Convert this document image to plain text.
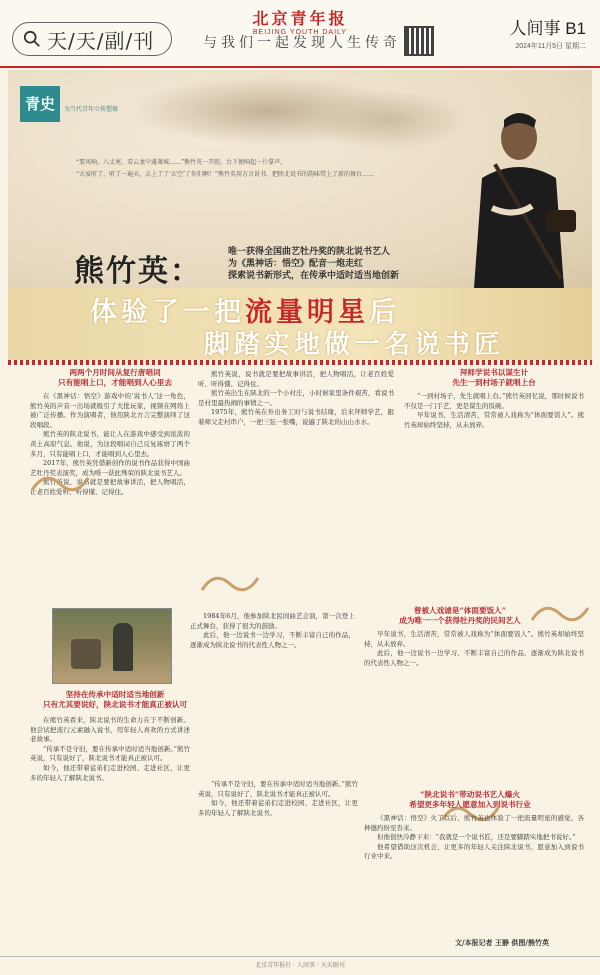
天/天/副/刊
北京青年报
BEIJING YOUTH DAILY
与我们一起发现人生传奇
人间事 B1
2024年11月5日 星期二
青史	为当代青年立传塑像

“要风响、八丈寒，看云龙中蓬莱城……”熊竹英一开腔，台下便响起一片掌声。

“大家听了，听了一遍天，去上了了‘玄空’了你们啊！”熊竹英用方言说书，把陕北说书的韵味带上了新的舞台……

熊竹英：
唯一获得全国曲艺牡丹奖的陕北说书艺人
为《黑神话：悟空》配音一炮走红
探索说书新形式，在传承中适时适当地创新
体验了一把流量明星后
脚踏实地做一名说书匠
两两个月时间从复行唐唱词
只有能唱上口，才能唱到人心里去

在《黑神话：悟空》游戏中的‘说书人’这一角色，熊竹英的声音一出场就吸引了大批玩家，视频在网络上被广泛传播。作为演唱者，他用陕北方言完整演绎了这段唱段。

熊竹英的陕北说书，能让人在游戏中感受到浓浓的黄土高原气息。他说，为这段唱词自己反复琢磨了两个多月，只有能唱上口，才能唱到人心里去。

2017年，熊竹英凭借新创作的说书作品获得中国曲艺牡丹奖表演奖，成为唯一获此殊荣的陕北说书艺人。

熊竹英说，说书就是要把故事讲活，把人物唱活，让老百姓爱听、听得懂、记得住。

熊竹英说，说书就是要把故事讲活，把人物唱活，让老百姓爱听、听得懂、记得住。

熊竹英出生在陕北的一个小村庄，小时候家里条件艰苦，看说书是村里最热闹的事情之一。

1975年，熊竹英在外出务工时与说书结缘，后来拜师学艺，跟着师父走村串户，一把三弦一张嘴，说遍了陕北的山山水水。

拜师学说书以谋生计
先生一到村场子就唱上台

“一到村场子，先生就唱上台。”熊竹英回忆说，那时候说书不仅是一门手艺，更是谋生的饭碗。

早年说书，生活清苦，常常被人戏称为“体面要饭人”。熊竹英却始终坚持，从未放弃。

曾被人戏谑是“体面要饭人”
成为唯一一个获得牡丹奖的民间艺人

1984年6月，他参加陕北民间曲艺会演，第一次登上正式舞台，获得了很大的鼓励。

此后，他一边说书一边学习，不断丰富自己的作品，逐渐成为陕北说书的代表性人物之一。

早年说书，生活清苦，常常被人戏称为“体面要饭人”。熊竹英却始终坚持，从未放弃。

此后，他一边说书一边学习，不断丰富自己的作品，逐渐成为陕北说书的代表性人物之一。

坚持在传承中适时适当地创新
只有尤其要说好，陕北说书才能真正被认可

在熊竹英看来，陕北说书的生命力在于不断创新。他尝试把流行元素融入说书，用年轻人喜欢的方式讲述老故事。

“传承不是守旧，要在传承中适时适当地创新。”熊竹英说，只有说好了，陕北说书才能真正被认可。

如今，他还带着徒弟们走进校园、走进社区，让更多的年轻人了解陕北说书。

“传承不是守旧，要在传承中适时适当地创新。”熊竹英说，只有说好了，陕北说书才能真正被认可。

如今，他还带着徒弟们走进校园、走进社区，让更多的年轻人了解陕北说书。

“陕北说书”带动说书艺人爆火
希望更多年轻人愿意加入到说书行业

《黑神话：悟空》火了以后，熊竹英也体验了一把流量明星的感觉，各种邀约纷至沓来。

但他很快冷静下来：“我就是一个说书匠，还是要脚踏实地把书说好。”

他希望借助这次机会，让更多的年轻人关注陕北说书，愿意加入到说书行业中来。

文/本报记者 王静 供图/熊竹英
北京青年报社 · 人间事 · 天天副刊
